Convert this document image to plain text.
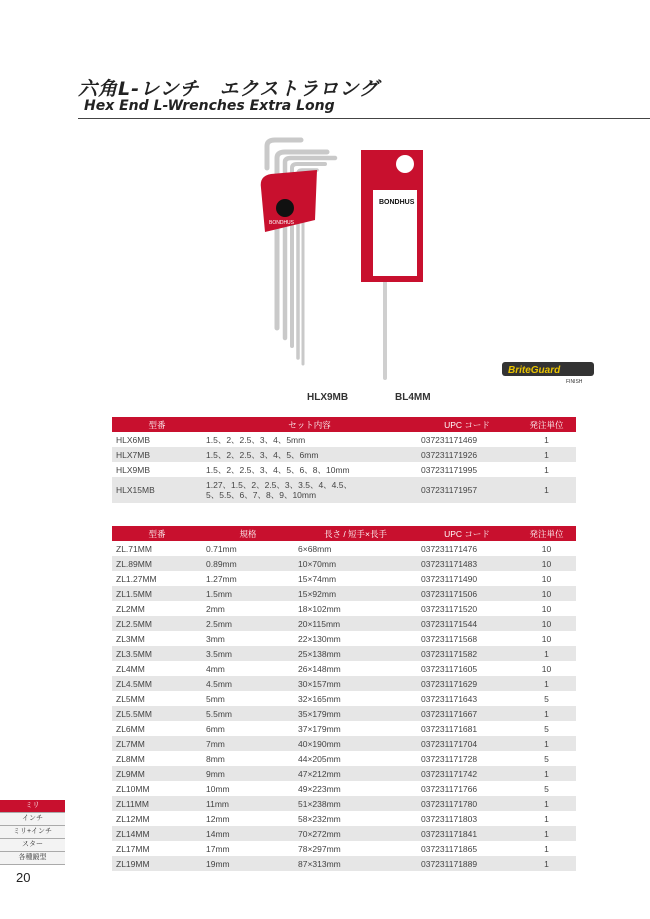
六角L-レンチ　エクストラロング
Hex End L-Wrenches Extra Long
BONDHUS
BONDHUS
HLX9MB	BL4MM
BriteGuard
FINISH
型番	セット内容	UPC コード	発注単位
HLX6MB	1.5、2、2.5、3、4、5mm	037231171469	1
HLX7MB	1.5、2、2.5、3、4、5、6mm	037231171926	1
HLX9MB	1.5、2、2.5、3、4、5、6、8、10mm	037231171995	1
HLX15MB	1.27、1.5、2、2.5、3、3.5、4、4.5、
5、5.5、6、7、8、9、10mm	037231171957	1
型番	規格	長さ / 短手×長手	UPC コード	発注単位
ZL.71MM	0.71mm	6×68mm	037231171476	10
ZL.89MM	0.89mm	10×70mm	037231171483	10
ZL1.27MM	1.27mm	15×74mm	037231171490	10
ZL1.5MM	1.5mm	15×92mm	037231171506	10
ZL2MM	2mm	18×102mm	037231171520	10
ZL2.5MM	2.5mm	20×115mm	037231171544	10
ZL3MM	3mm	22×130mm	037231171568	10
ZL3.5MM	3.5mm	25×138mm	037231171582	1
ZL4MM	4mm	26×148mm	037231171605	10
ZL4.5MM	4.5mm	30×157mm	037231171629	1
ZL5MM	5mm	32×165mm	037231171643	5
ZL5.5MM	5.5mm	35×179mm	037231171667	1
ZL6MM	6mm	37×179mm	037231171681	5
ZL7MM	7mm	40×190mm	037231171704	1
ZL8MM	8mm	44×205mm	037231171728	5
ZL9MM	9mm	47×212mm	037231171742	1
ZL10MM	10mm	49×223mm	037231171766	5
ZL11MM	11mm	51×238mm	037231171780	1
ZL12MM	12mm	58×232mm	037231171803	1
ZL14MM	14mm	70×272mm	037231171841	1
ZL17MM	17mm	78×297mm	037231171865	1
ZL19MM	19mm	87×313mm	037231171889	1
ミリ
インチ
ミリ+インチ
スター
各種鍛型
20
